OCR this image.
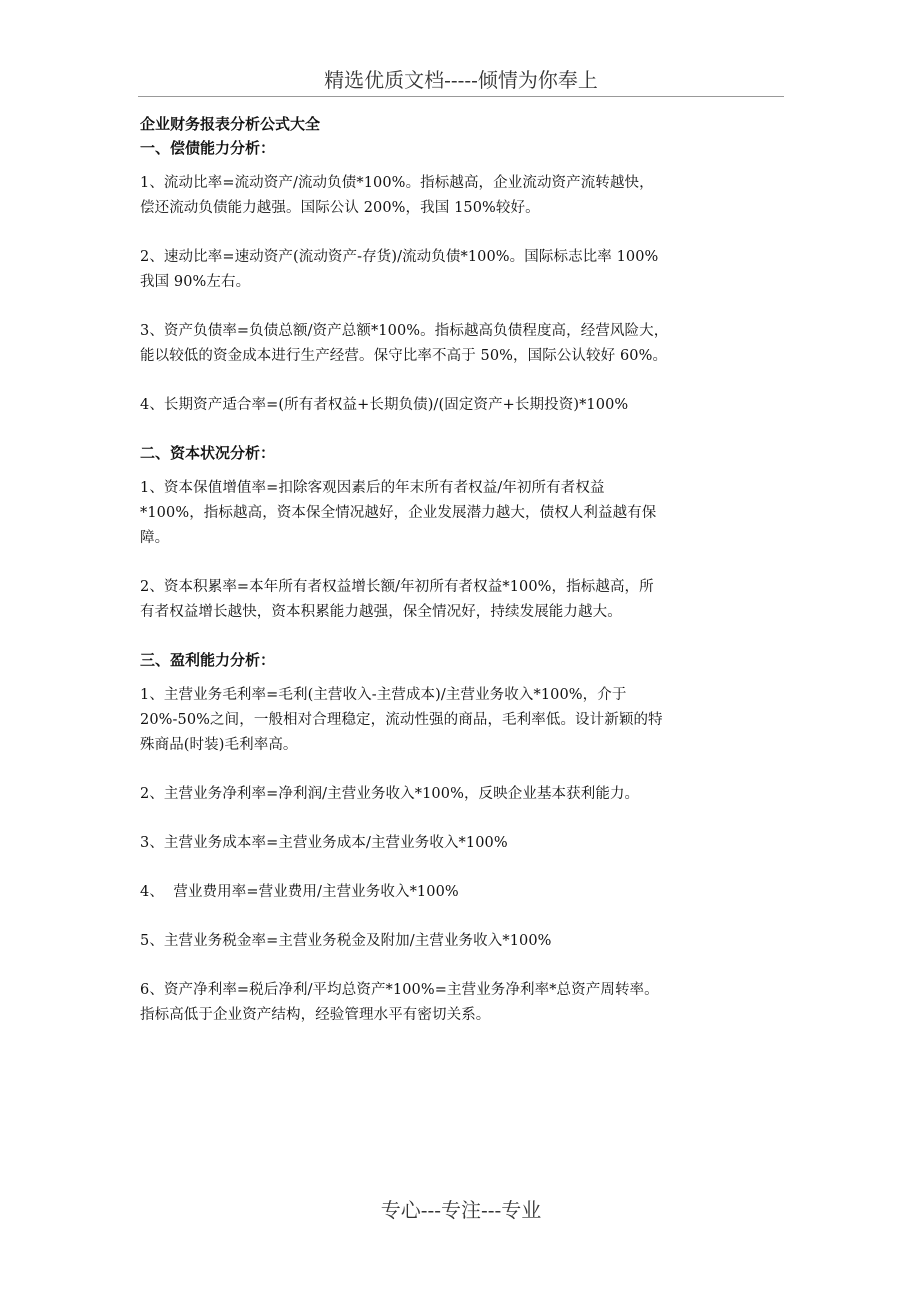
精选优质文档-----倾情为你奉上
企业财务报表分析公式大全
一、偿债能力分析：

1、流动比率=流动资产/流动负债*100%。指标越高，企业流动资产流转越快，
偿还流动负债能力越强。国际公认 200%，我国 150%较好。

2、速动比率=速动资产(流动资产-存货)/流动负债*100%。国际标志比率 100%
我国 90%左右。

3、资产负债率=负债总额/资产总额*100%。指标越高负债程度高，经营风险大，
能以较低的资金成本进行生产经营。保守比率不高于 50%，国际公认较好 60%。

4、长期资产适合率=(所有者权益+长期负债)/(固定资产+长期投资)*100%

二、资本状况分析：

1、资本保值增值率=扣除客观因素后的年末所有者权益/年初所有者权益
*100%，指标越高，资本保全情况越好，企业发展潜力越大，债权人利益越有保
障。

2、资本积累率=本年所有者权益增长额/年初所有者权益*100%，指标越高，所
有者权益增长越快，资本积累能力越强，保全情况好，持续发展能力越大。

三、盈利能力分析：

1、主营业务毛利率=毛利(主营收入-主营成本)/主营业务收入*100%，介于
20%-50%之间，一般相对合理稳定，流动性强的商品，毛利率低。设计新颖的特
殊商品(时装)毛利率高。

2、主营业务净利率=净利润/主营业务收入*100%，反映企业基本获利能力。

3、主营业务成本率=主营业务成本/主营业务收入*100%

4、  营业费用率=营业费用/主营业务收入*100%

5、主营业务税金率=主营业务税金及附加/主营业务收入*100%

6、资产净利率=税后净利/平均总资产*100%=主营业务净利率*总资产周转率。
指标高低于企业资产结构，经验管理水平有密切关系。

专心---专注---专业
